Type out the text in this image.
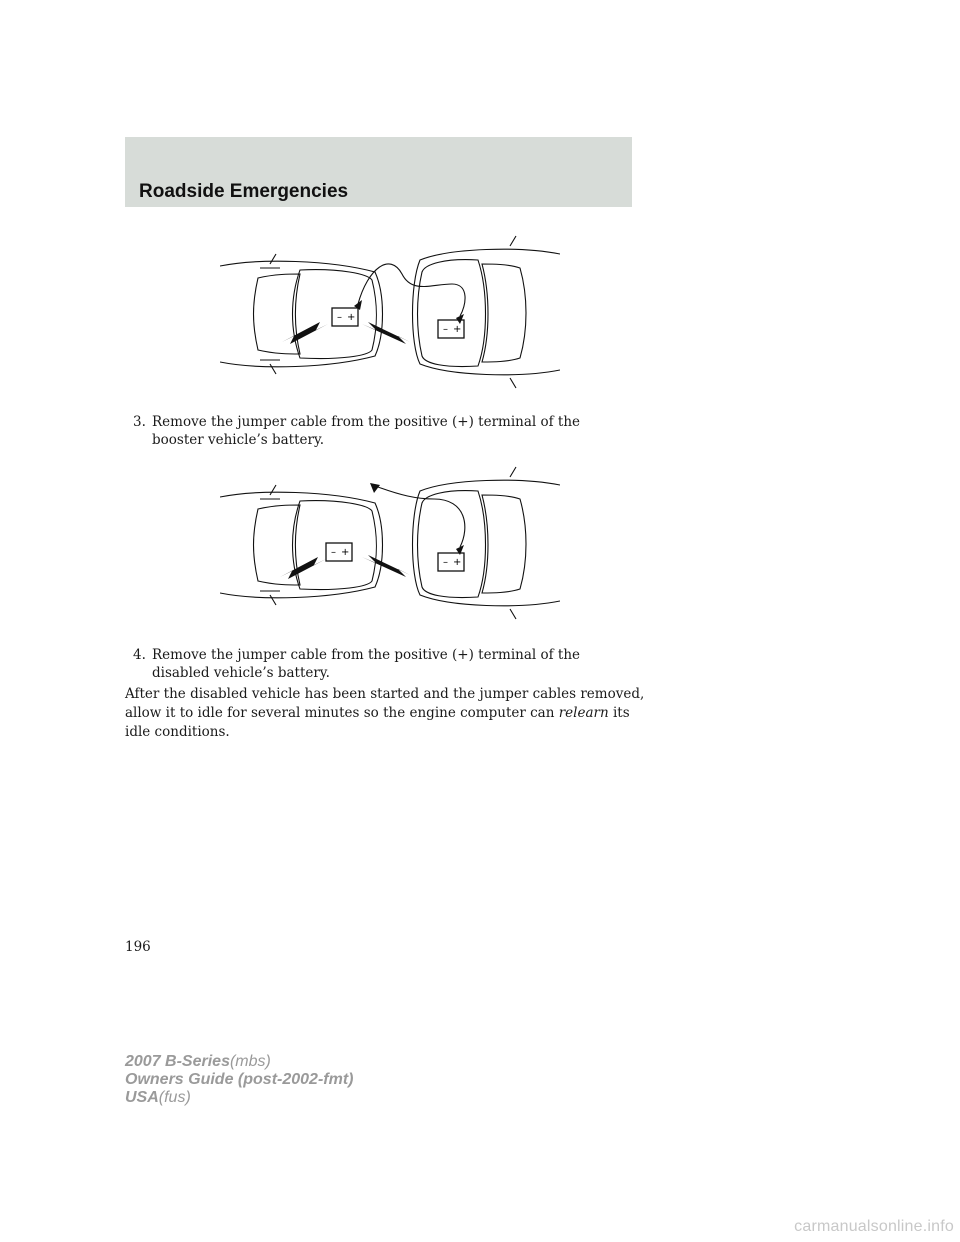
Roadside Emergencies
– +
– +

3. Remove the jumper cable from the positive (+) terminal of the booster vehicle’s battery.

– +
– +

4. Remove the jumper cable from the positive (+) terminal of the disabled vehicle’s battery.

After the disabled vehicle has been started and the jumper cables removed, allow it to idle for several minutes so the engine computer can relearn its idle conditions.

196
2007 B-Series(mbs)
Owners Guide (post-2002-fmt)
USA(fus)
carmanualsonline.info
